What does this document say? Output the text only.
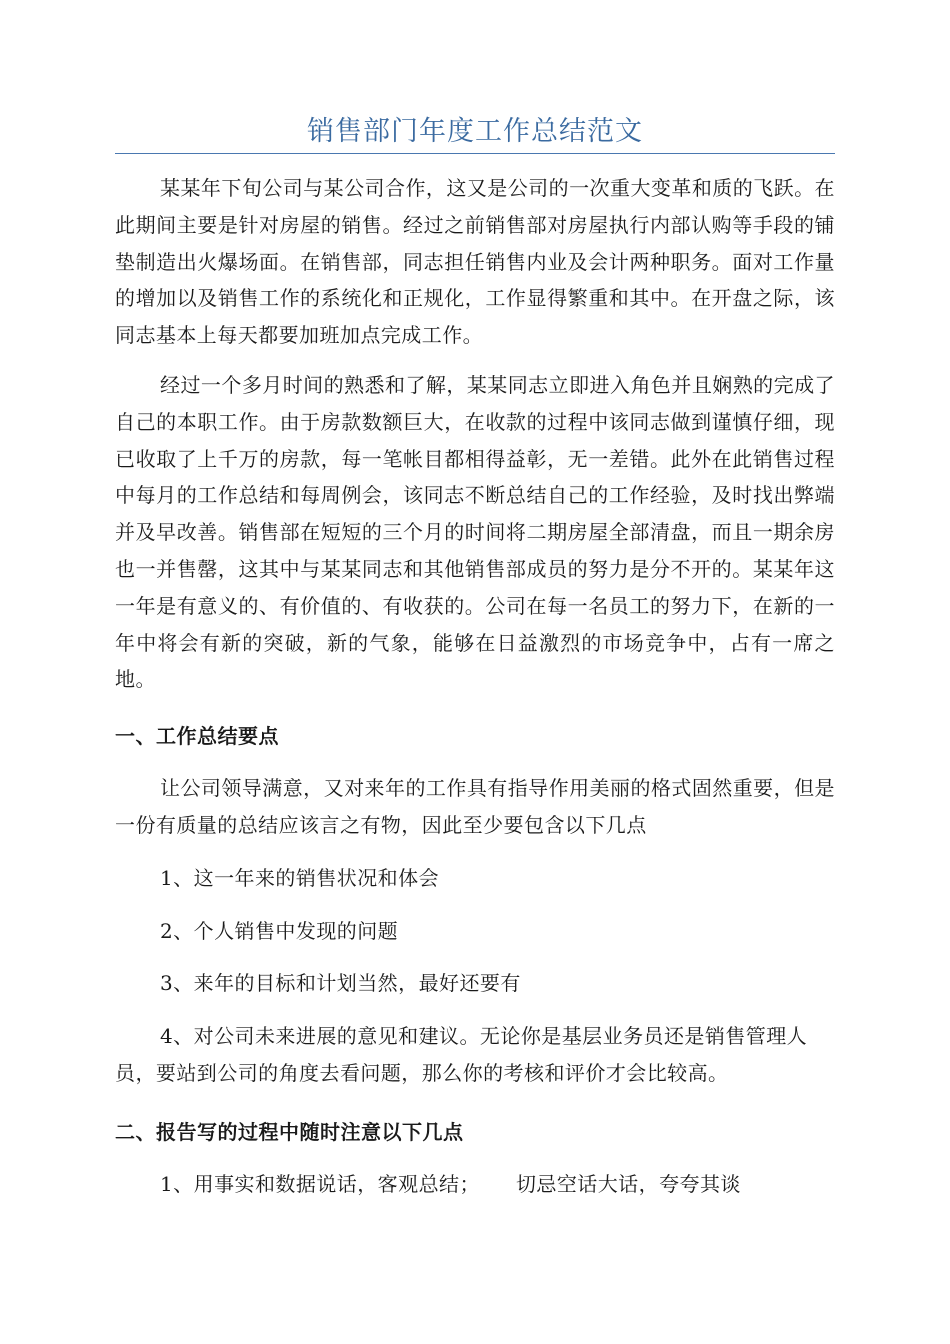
销售部门年度工作总结范文

某某年下旬公司与某公司合作，这又是公司的一次重大变革和质的飞跃。在此期间主要是针对房屋的销售。经过之前销售部对房屋执行内部认购等手段的铺垫制造出火爆场面。在销售部，同志担任销售内业及会计两种职务。面对工作量的增加以及销售工作的系统化和正规化，工作显得繁重和其中。在开盘之际，该同志基本上每天都要加班加点完成工作。

经过一个多月时间的熟悉和了解，某某同志立即进入角色并且娴熟的完成了自己的本职工作。由于房款数额巨大，在收款的过程中该同志做到谨慎仔细，现已收取了上千万的房款，每一笔帐目都相得益彰，无一差错。此外在此销售过程中每月的工作总结和每周例会，该同志不断总结自己的工作经验，及时找出弊端并及早改善。销售部在短短的三个月的时间将二期房屋全部清盘，而且一期余房也一并售罄，这其中与某某同志和其他销售部成员的努力是分不开的。某某年这一年是有意义的、有价值的、有收获的。公司在每一名员工的努力下，在新的一年中将会有新的突破，新的气象，能够在日益激烈的市场竞争中，占有一席之地。

一、工作总结要点

让公司领导满意，又对来年的工作具有指导作用美丽的格式固然重要，但是一份有质量的总结应该言之有物，因此至少要包含以下几点

1、这一年来的销售状况和体会

2、个人销售中发现的问题

3、来年的目标和计划当然，最好还要有

4、对公司未来进展的意见和建议。无论你是基层业务员还是销售管理人员，要站到公司的角度去看问题，那么你的考核和评价才会比较高。

二、报告写的过程中随时注意以下几点

1、用事实和数据说话，客观总结； 切忌空话大话，夸夸其谈
